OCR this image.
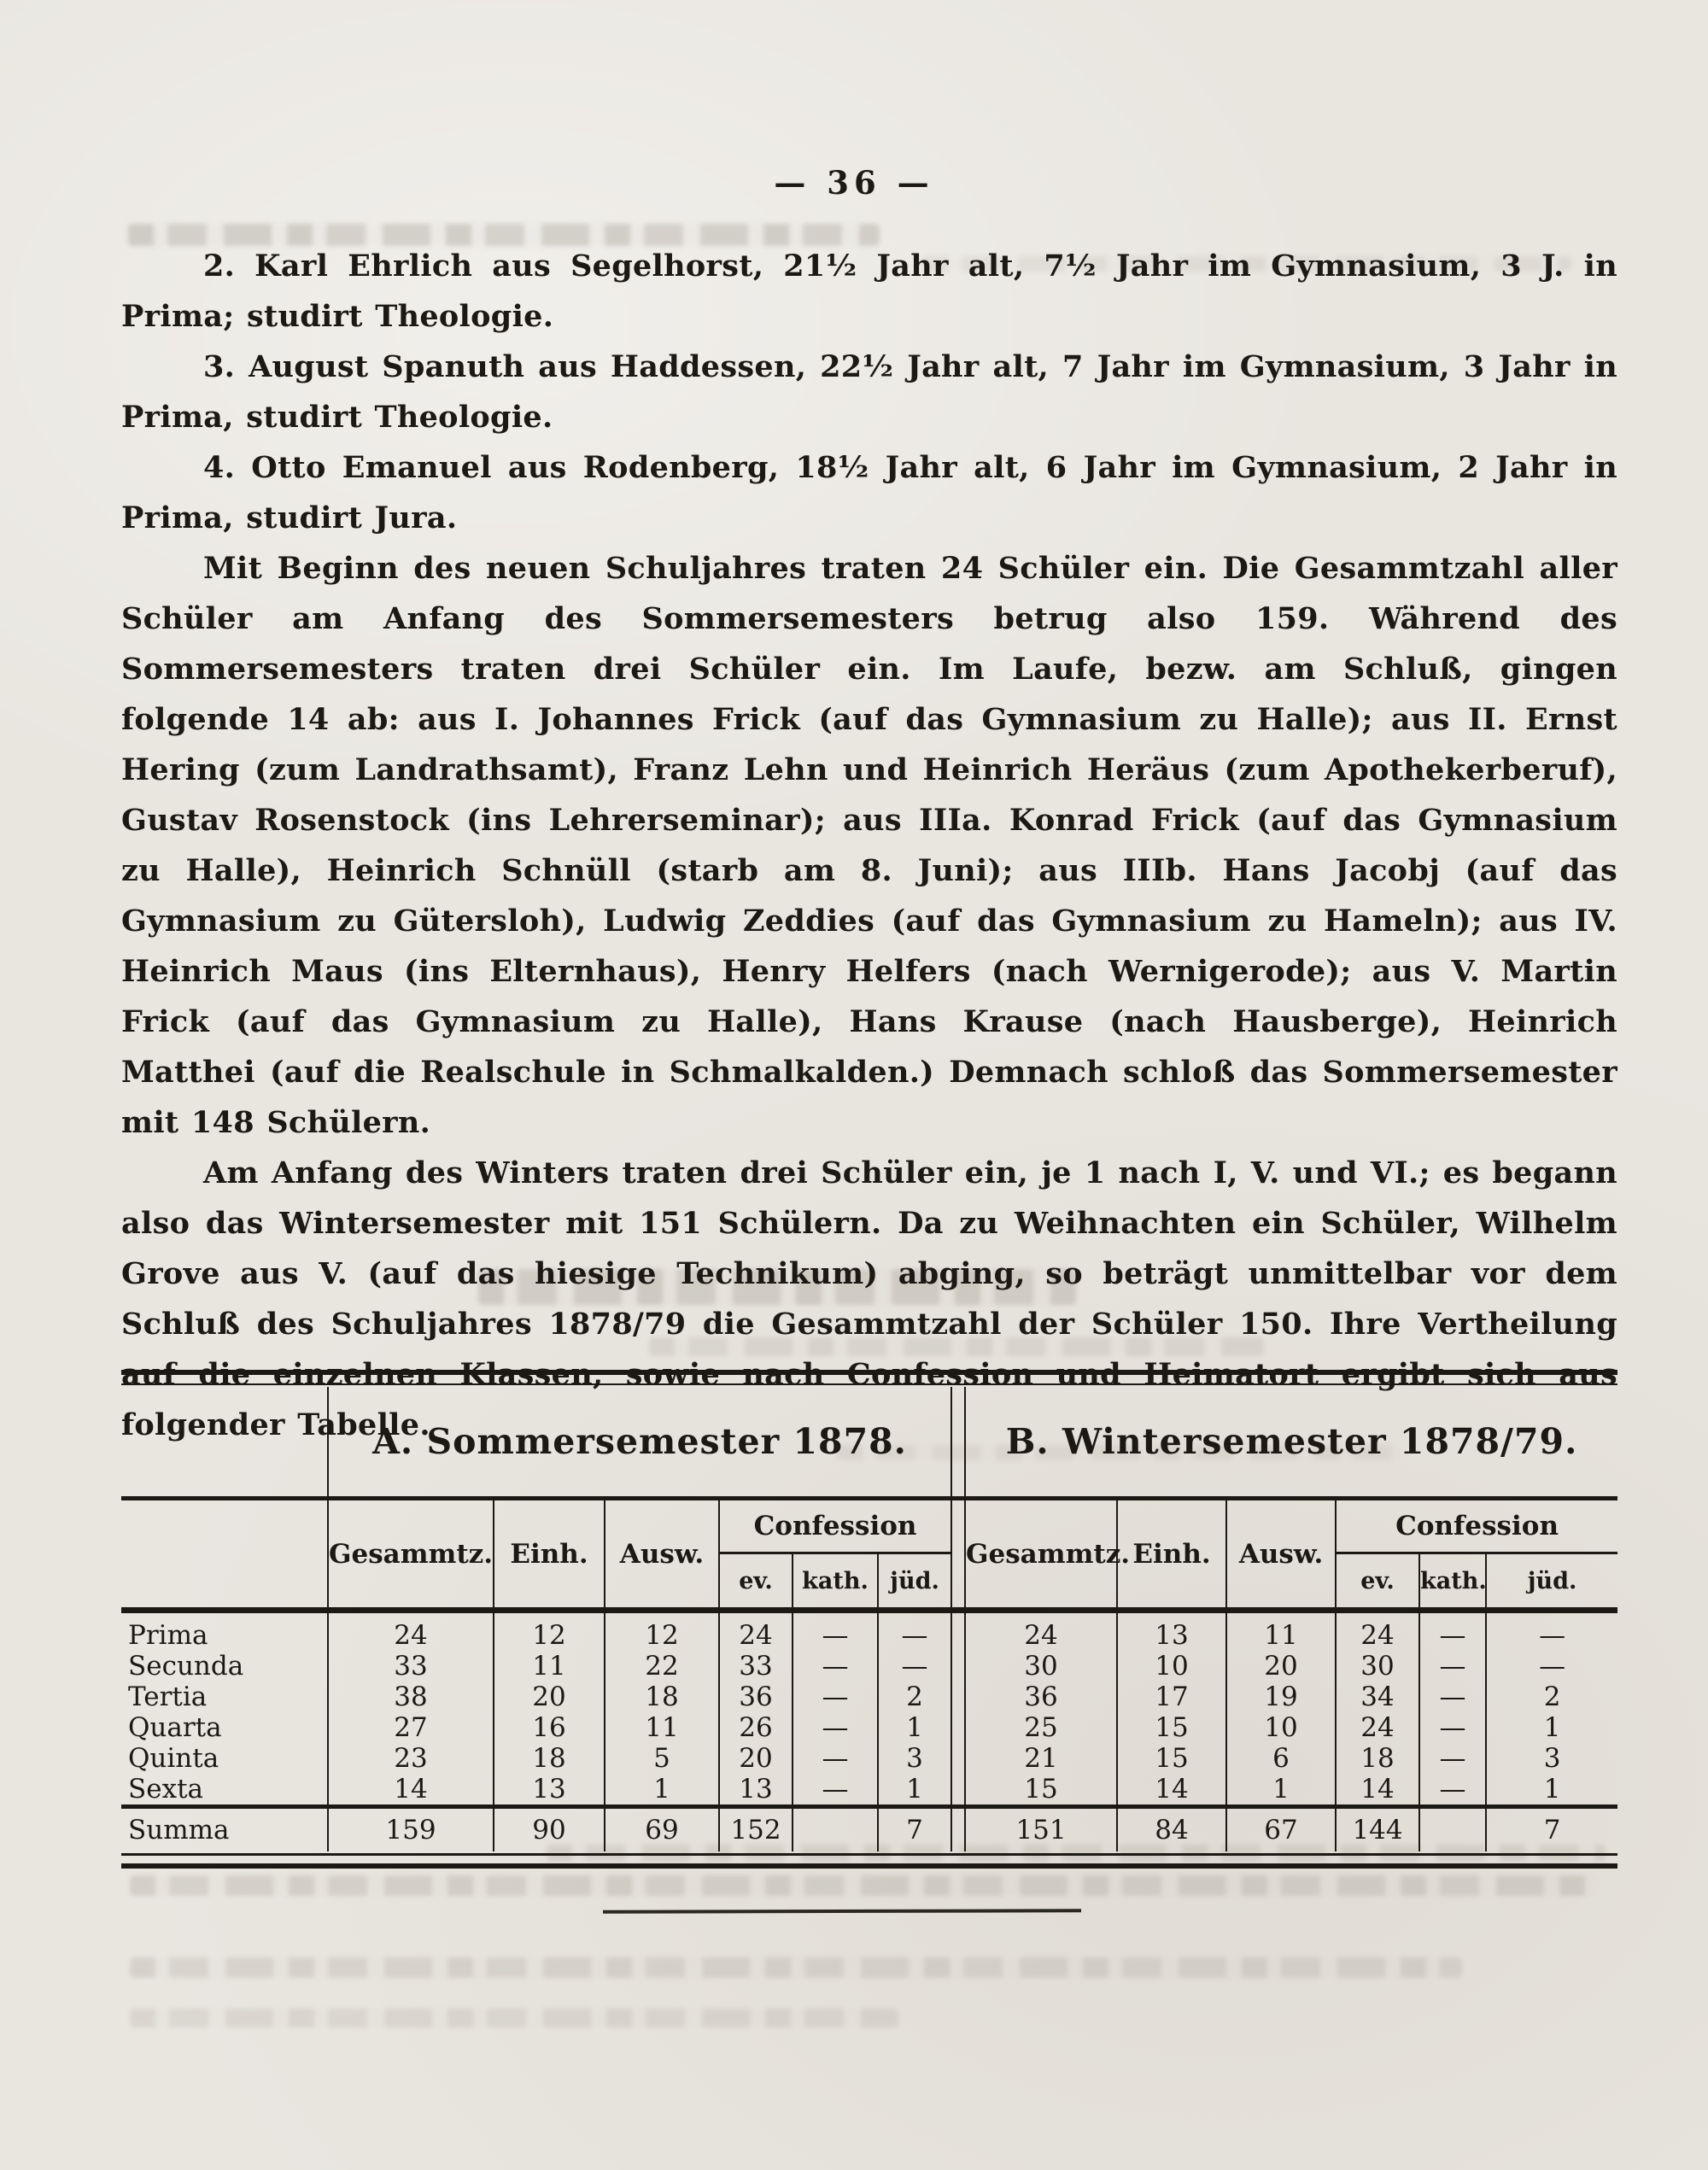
— 36 —

2. Karl Ehrlich aus Segelhorst, 21½ Jahr alt, 7½ Jahr im Gymnasium, 3 J. in Prima; studirt Theologie.

3. August Spanuth aus Haddessen, 22½ Jahr alt, 7 Jahr im Gymnasium, 3 Jahr in Prima, studirt Theologie.

4. Otto Emanuel aus Rodenberg, 18½ Jahr alt, 6 Jahr im Gymnasium, 2 Jahr in Prima, studirt Jura.

Mit Beginn des neuen Schuljahres traten 24 Schüler ein. Die Gesammtzahl aller Schüler am Anfang des Sommersemesters betrug also 159. Während des Sommersemesters traten drei Schüler ein. Im Laufe, bezw. am Schluß, gingen folgende 14 ab: aus I. Johannes Frick (auf das Gymnasium zu Halle); aus II. Ernst Hering (zum Landrathsamt), Franz Lehn und Heinrich Heräus (zum Apothekerberuf), Gustav Rosenstock (ins Lehrerseminar); aus IIIa. Konrad Frick (auf das Gymnasium zu Halle), Heinrich Schnüll (starb am 8. Juni); aus IIIb. Hans Jacobj (auf das Gymnasium zu Gütersloh), Ludwig Zeddies (auf das Gymnasium zu Hameln); aus IV. Heinrich Maus (ins Elternhaus), Henry Helfers (nach Wernigerode); aus V. Martin Frick (auf das Gymnasium zu Halle), Hans Krause (nach Hausberge), Heinrich Matthei (auf die Realschule in Schmalkalden.) Demnach schloß das Sommersemester mit 148 Schülern.

Am Anfang des Winters traten drei Schüler ein, je 1 nach I, V. und VI.; es begann also das Wintersemester mit 151 Schülern. Da zu Weihnachten ein Schüler, Wilhelm Grove aus V. (auf das hiesige Technikum) abging, so beträgt unmittelbar vor dem Schluß des Schuljahres 1878/79 die Gesammtzahl der Schüler 150. Ihre Vertheilung auf die einzelnen Klassen, sowie nach Confession und Heimatort ergibt sich aus folgender Tabelle.

	A. Sommersemester 1878.							B. Wintersemester 1878/79.					
	Gesammtz.	Einh.	Ausw.	Confession				Gesammtz.	Einh.	Ausw.	Confession		
				ev.	kath.	jüd.					ev.	kath.	jüd.
Prima	24	12	12	24	—	—		24	13	11	24	—	—
Secunda	33	11	22	33	—	—		30	10	20	30	—	—
Tertia	38	20	18	36	—	2		36	17	19	34	—	2
Quarta	27	16	11	26	—	1		25	15	10	24	—	1
Quinta	23	18	5	20	—	3		21	15	6	18	—	3
Sexta	14	13	1	13	—	1		15	14	1	14	—	1
Summa	159	90	69	152		7		151	84	67	144		7
